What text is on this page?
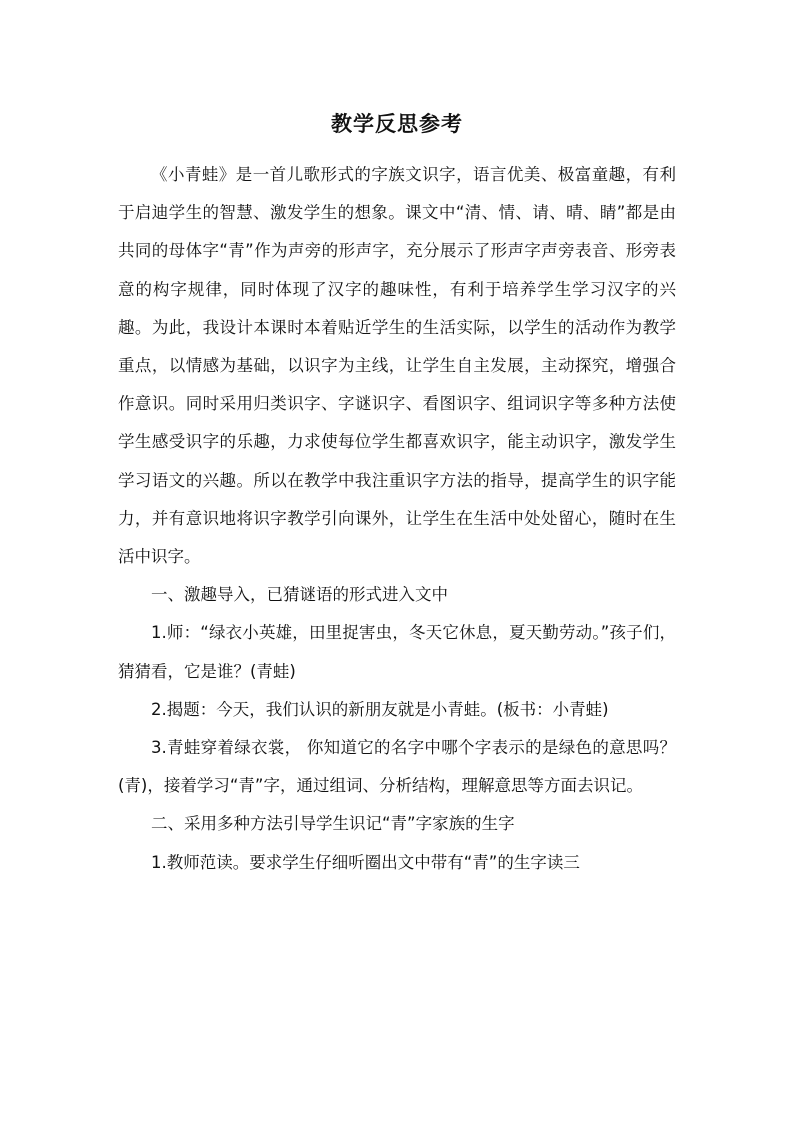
教学反思参考

《小青蛙》是一首儿歌形式的字族文识字，语言优美、极富童趣，有利于启迪学生的智慧、激发学生的想象。课文中“清、情、请、晴、睛”都是由共同的母体字“青”作为声旁的形声字，充分展示了形声字声旁表音、形旁表意的构字规律，同时体现了汉字的趣味性，有利于培养学生学习汉字的兴趣。为此，我设计本课时本着贴近学生的生活实际，以学生的活动作为教学重点，以情感为基础，以识字为主线，让学生自主发展，主动探究，增强合作意识。同时采用归类识字、字谜识字、看图识字、组词识字等多种方法使学生感受识字的乐趣，力求使每位学生都喜欢识字，能主动识字，激发学生学习语文的兴趣。所以在教学中我注重识字方法的指导，提高学生的识字能力，并有意识地将识字教学引向课外，让学生在生活中处处留心，随时在生活中识字。

一、激趣导入，已猜谜语的形式进入文中

1.师：“绿衣小英雄，田里捉害虫，冬天它休息，夏天勤劳动。”孩子们，猜猜看，它是谁？(青蛙)

2.揭题：今天，我们认识的新朋友就是小青蛙。(板书：小青蛙)

3.青蛙穿着绿衣裳， 你知道它的名字中哪个字表示的是绿色的意思吗？(青)，接着学习“青”字，通过组词、分析结构，理解意思等方面去识记。

二、采用多种方法引导学生识记“青”字家族的生字

1.教师范读。要求学生仔细听圈出文中带有“青”的生字读三
